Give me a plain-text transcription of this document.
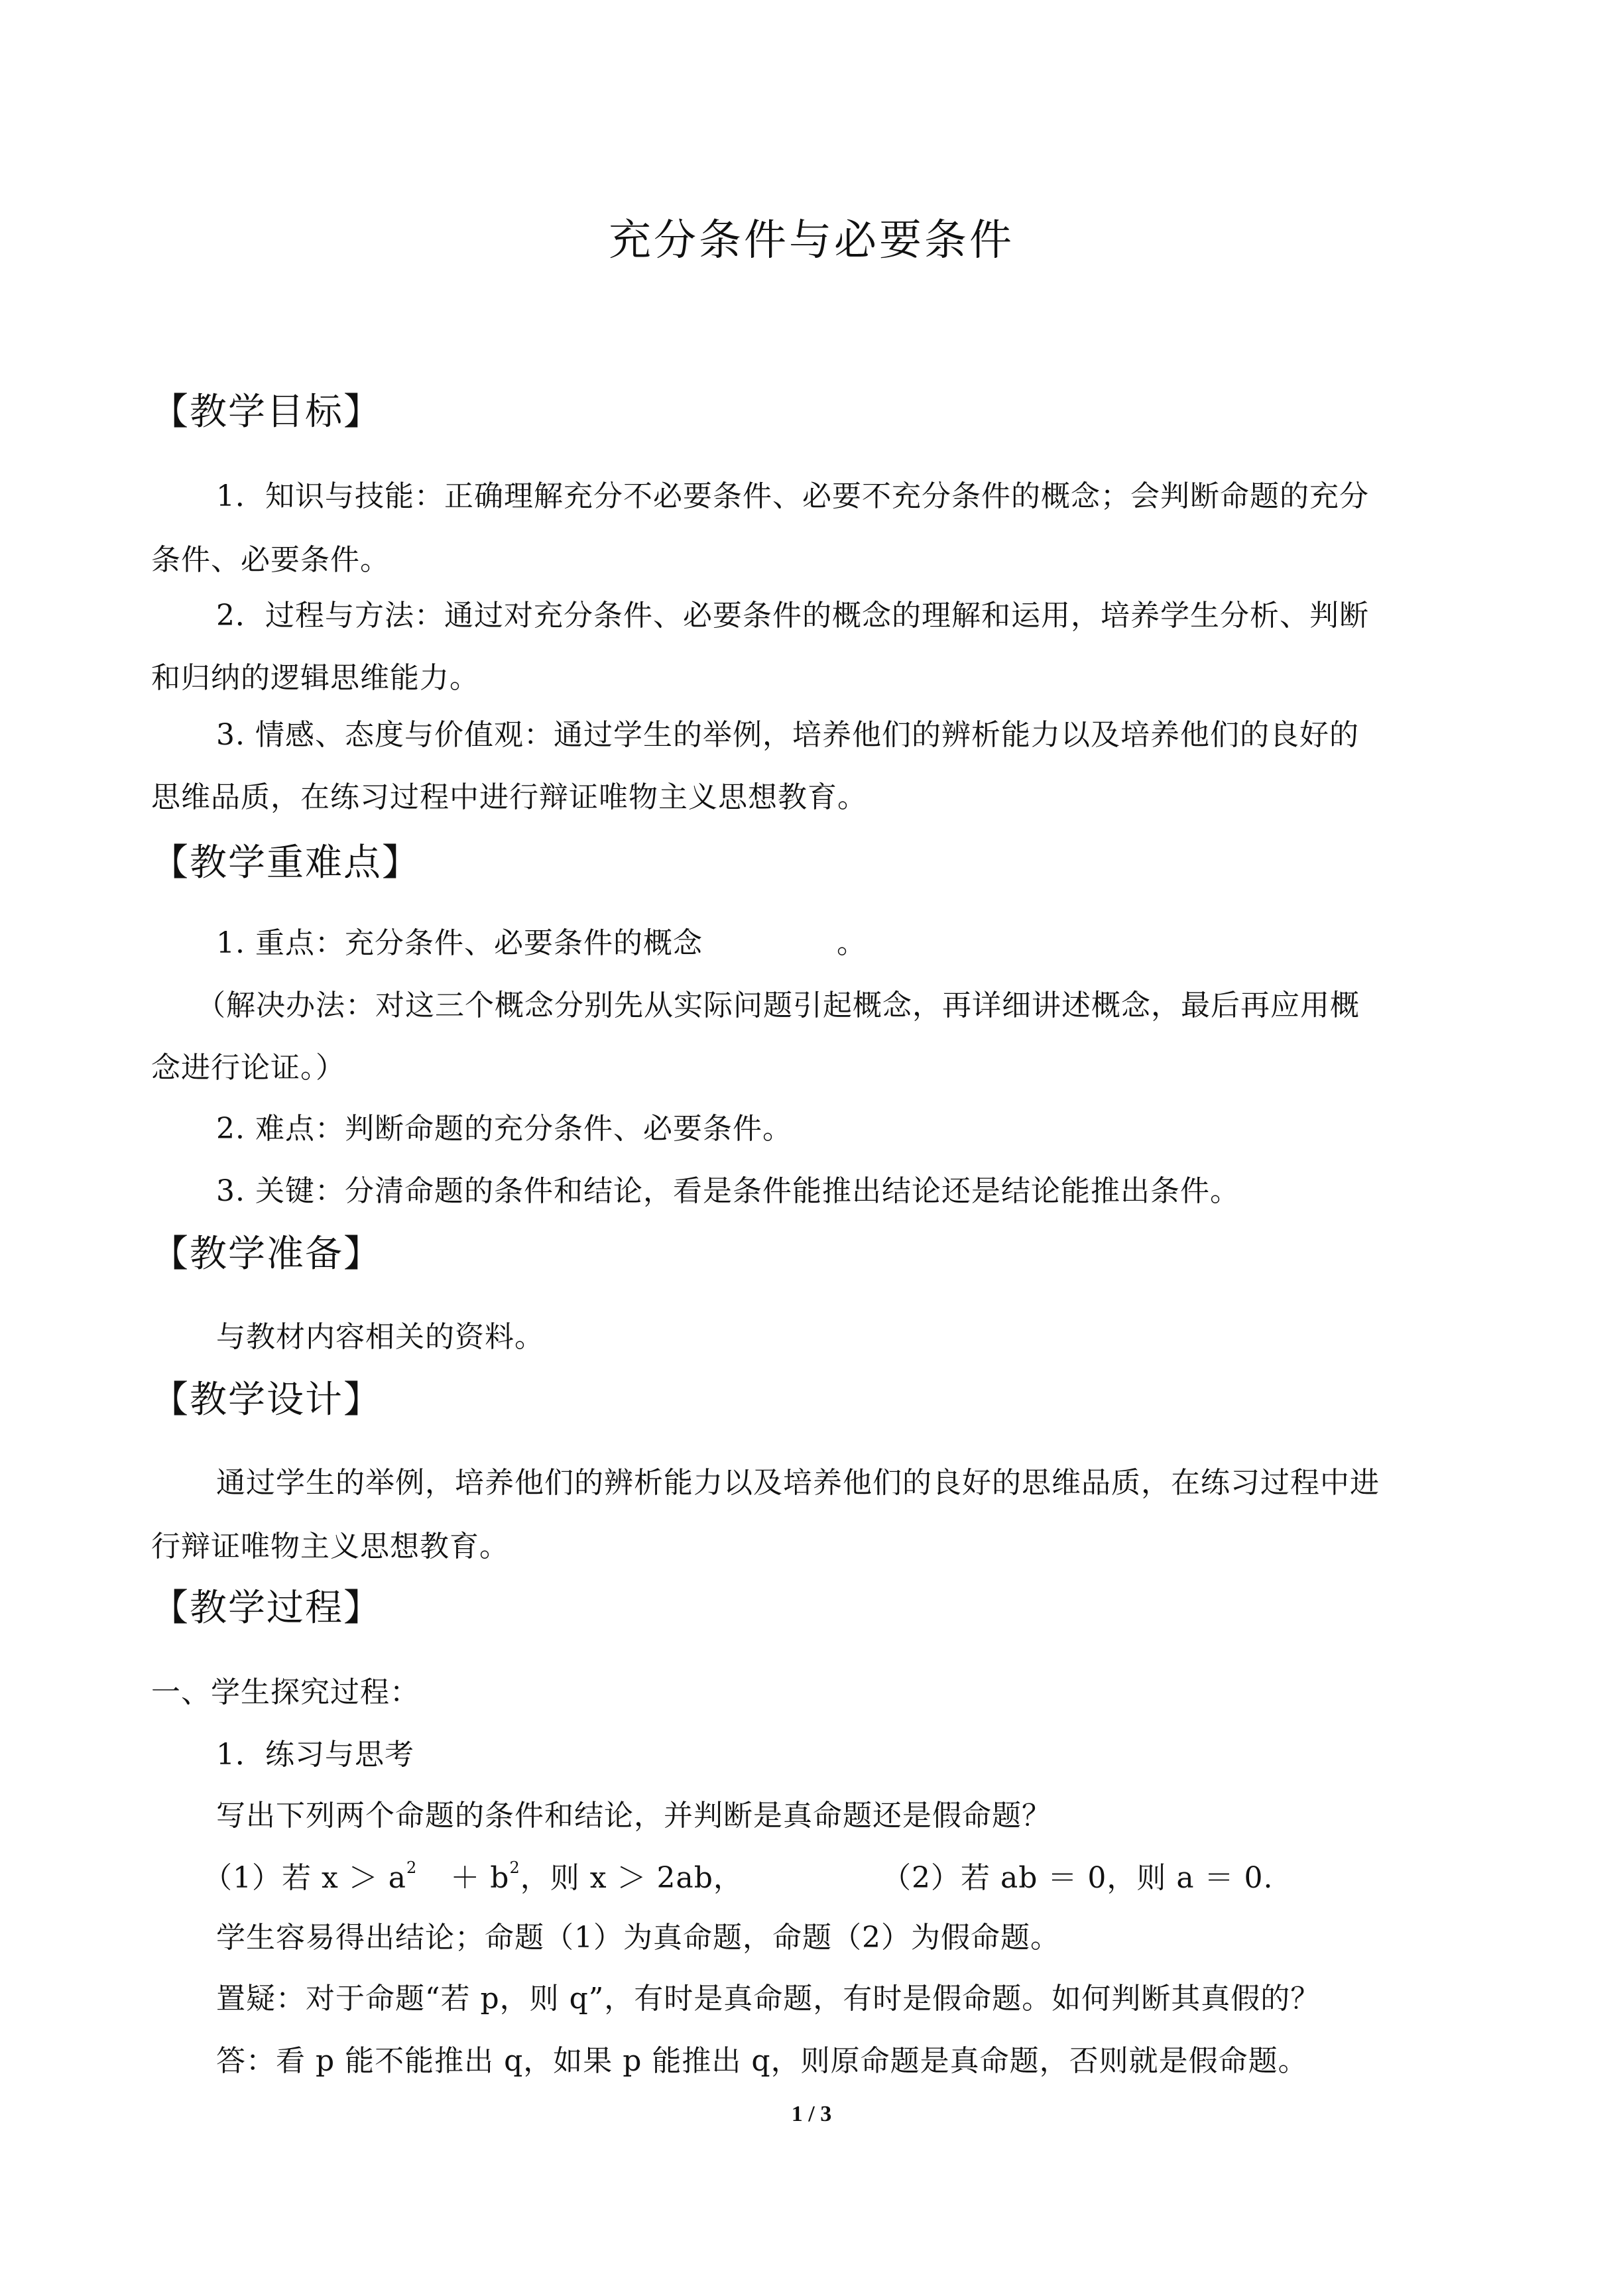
充分条件与必要条件
【教学目标】
1．知识与技能：正确理解充分不必要条件、必要不充分条件的概念；会判断命题的充分
条件、必要条件。
2．过程与方法：通过对充分条件、必要条件的概念的理解和运用，培养学生分析、判断
和归纳的逻辑思维能力。
3. 情感、态度与价值观：通过学生的举例，培养他们的辨析能力以及培养他们的良好的
思维品质，在练习过程中进行辩证唯物主义思想教育。
【教学重难点】
1. 重点：充分条件、必要条件的概念	。
（解决办法：对这三个概念分别先从实际问题引起概念，再详细讲述概念，最后再应用概
念进行论证。）
2. 难点：判断命题的充分条件、必要条件。
3. 关键：分清命题的条件和结论，看是条件能推出结论还是结论能推出条件。
【教学准备】
与教材内容相关的资料。
【教学设计】
通过学生的举例，培养他们的辨析能力以及培养他们的良好的思维品质，在练习过程中进
行辩证唯物主义思想教育。
【教学过程】
一、学生探究过程：
1．练习与思考
写出下列两个命题的条件和结论，并判断是真命题还是假命题？
（1）若 $x > a^2 + b^2$，则 x ＞ 2ab，	（2）若 ab ＝ 0，则 a ＝ 0.
学生容易得出结论；命题（1）为真命题，命题（2）为假命题。
置疑：对于命题“若 p，则 q”，有时是真命题，有时是假命题。如何判断其真假的？
答：看 p 能不能推出 q，如果 p 能推出 q，则原命题是真命题，否则就是假命题。
1 / 3
